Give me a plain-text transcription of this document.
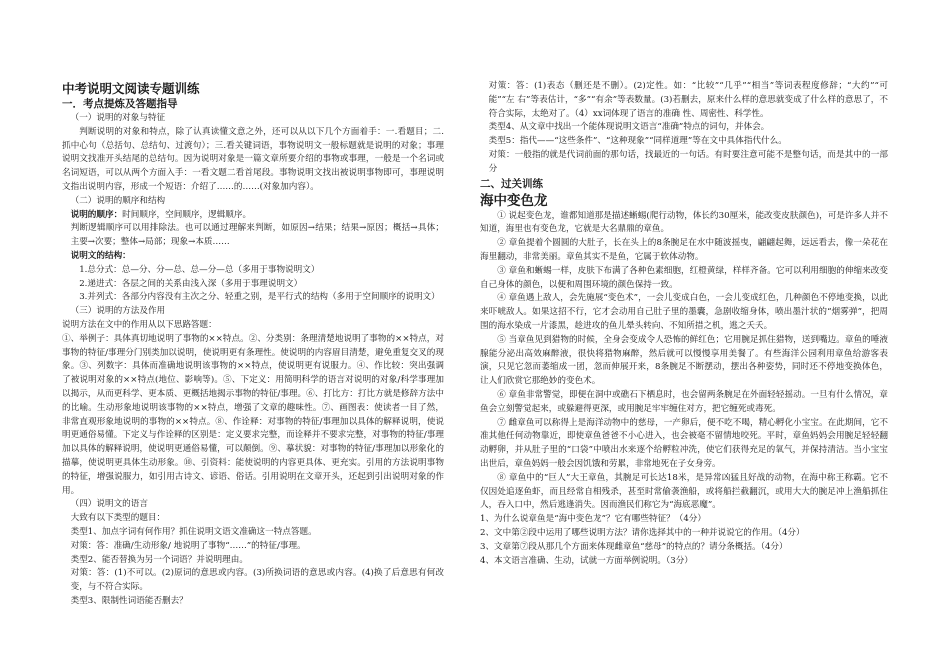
中考说明文阅读专题训练

一．考点提炼及答题指导

（一）说明的对象与特征

判断说明的对象和特点，除了认真读懂文意之外，还可以从以下几个方面着手：一.看题目；二.抓中心句（总括句、总结句、过渡句）；三.看关键词语，事物说明文一般标题就是说明的对象；事理说明文找准开头结尾的总结句。因为说明对象是一篇文章所要介绍的事物或事理，一般是一个名词或名词短语，可以从两个方面入手：一看文题二看首尾段。事物说明文找出被说明事物即可，事理说明文指出说明内容，形成一个短语：介绍了……的……(对象加内容）。

（二）说明的顺序和结构

说明的顺序：时间顺序，空间顺序，逻辑顺序。

判断逻辑顺序可以用排除法。也可以通过理解来判断，如原因→结果；结果→原因；概括→具体；主要→次要；整体→局部；现象→本质……

说明文的结构：

1.总分式：总—分、分—总、总—分—总（多用于事物说明文）

2.递进式：各层之间的关系由浅入深（多用于事理说明文）

3.并列式：各部分内容没有主次之分、轻重之别，是平行式的结构（多用于空间顺序的说明文）

（三）说明的方法及作用

说明方法在文中的作用从以下思路答题：

①、举例子：具体真切地说明了事物的××特点。②、分类别：条理清楚地说明了事物的××特点，对事物的特征/事理分门别类加以说明，使说明更有条理性。使说明的内容眉目清楚，避免重复交叉的现象。③、列数字：具体而准确地说明该事物的××特点，使说明更有说服力。④、作比较：突出强调了被说明对象的××特点(地位、影响等)。⑤、下定义：用简明科学的语言对说明的对象/科学事理加以揭示，从而更科学、更本质、更概括地揭示事物的特征/事理。⑥、打比方：打比方就是修辞方法中的比喻。生动形象地说明该事物的××特点，增强了文章的趣味性。⑦、画图表：使读者一目了然，非常直观形象地说明的事物的××特点。⑧、作诠释：对事物的特征/事理加以具体的解释说明，使说明更通俗易懂。下定义与作诠释的区别是：定义要求完整，而诠释并不要求完整，对事物的特征/事理加以具体的解释说明，使说明更通俗易懂，可以颠倒。⑨、摹状貌：对事物的特征/事理加以形象化的描摹，使说明更具体生动形象。⑩、引资料：能使说明的内容更具体、更充实。引用的方法说明事物的特征，增强说服力，如引用古诗文、谚语、俗话。引用说明在文章开头，还起到引出说明对象的作用。

（四）说明文的语言

大致有以下类型的题目：

类型1、加点字词有何作用？抓住说明文语文准确这一特点答题。

对策：答：准确/生动形象/ 地说明了事物“……”的特征/事理。

类型2、能否替换为另一个词语？并说明理由。

对策：答：(1)不可以。(2)原词的意思或内容。(3)所换词语的意思或内容。(4)换了后意思有何改变，与不符合实际。

类型3、限制性词语能否删去？

对策：答：(1)表态（删还是不删）。(2)定性。如：“比较”“几乎”“相当”等词表程度修辞；“大约”“可能”“左 右”等表估计，“多”“有余”等表数量。(3)若删去，原来什么样的意思就变成了什么样的意思了，不符合实际，太绝对了。（4）xx词体现了语言的准确 性、周密性、科学性。

类型4、从文章中找出一个能体现说明文语言“准确”特点的词句，并体会。

类型5：指代——“这些条件”、“这种现象”“同样道理”等在文中具体指代什么。

对策：一般指的就是代词前面的那句话，找最近的一句话。有时要注意可能不是整句话，而是其中的一部分

二、过关训练

海中变色龙

① 说起变色龙，谁都知道那是描述蜥蜴(爬行动物，体长约30厘米，能改变皮肤颜色)，可是许多人并不知道，海里也有变色龙，它就是大名鼎鼎的章鱼。

② 章鱼提着个圆圆的大肚子，长在头上的8条腕足在水中随波摇曳，翩翩起舞，远远看去，像一朵花在海里翻动，非常美丽。章鱼其实不是鱼，它属于软体动物。

③ 章鱼和蜥蜴一样，皮肤下布满了各种色素细胞，红橙黄绿，样样齐备。它可以利用细胞的伸缩来改变自己身体的颜色，以便和周围环境的颜色保持一致。

④ 章鱼遇上敌人，会先施展“变色术”，一会儿变成白色，一会儿变成红色，几种颜色不停地变换，以此来吓唬敌人。如果这招不行，它才会动用自己肚子里的墨囊，急剧收缩身体，喷出墨汁状的“烟雾弹”，把周围的海水染成一片漆黑，趁进攻的鱼儿晕头转向、不知所措之机，逃之夭夭。

⑤ 当章鱼见到猎物的时候，全身会变成令人恐怖的鲜红色；它用腕足抓住猎物，送到嘴边。章鱼的唾液腺能分泌出高效麻醉液，很快将猎物麻醉，然后就可以慢慢享用美餐了。有些海洋公园利用章鱼给游客表演，只见它忽而萎缩成一团，忽而伸展开来，8条腕足不断摆动，摆出各种姿势，同时还不停地变换体色，让人们欣赏它那绝妙的变色术。

⑥ 章鱼非常警觉，即便在洞中或礁石下栖息时，也会留两条腕足在外面轻轻摇动。一旦有什么情况，章鱼会立刻警觉起来，或躲避得更深，或用腕足牢牢缠住对方，把它缠死或毒死。

⑦ 雌章鱼可以称得上是海洋动物中的慈母，一产卵后，便不吃不喝，精心孵化小宝宝。在此期间，它不准其他任何动物靠近，即使章鱼爸爸不小心进入，也会被毫不留情地咬死。平时，章鱼妈妈会用腕足轻轻翻动孵卵，并从肚子里的“口袋”中喷出水来逐个给孵粒冲洗，使它们获得充足的氧气，并保持清洁。当小宝宝出世后，章鱼妈妈一般会因饥饿和劳累，非常地死在子女身旁。

⑧ 章鱼中的“巨人”大王章鱼，其腕足可长达18米，是异常凶猛且好战的动物，在海中称王称霸。它不仅因处追逐鱼虾，而且经常自相残杀，甚至时常偷袭渔船，或将船拦截翻沉，或用大大的腕足冲上渔船抓住人，吞入口中，然后逃逢消失。因而渔民们称它为“海底恶魔”。

1、为什么说章鱼是“海中变色龙”？它有哪些特征？（4分）

2、文中第②段中运用了哪些说明方法？请你选择其中的一种并说说它的作用。（4分）

3、文章第⑦段从那几个方面来体现雌章鱼“慈母”的特点的？请分条概括。（4分）

4、本文语言准确、生动，试就一方面举例说明。（3分）
